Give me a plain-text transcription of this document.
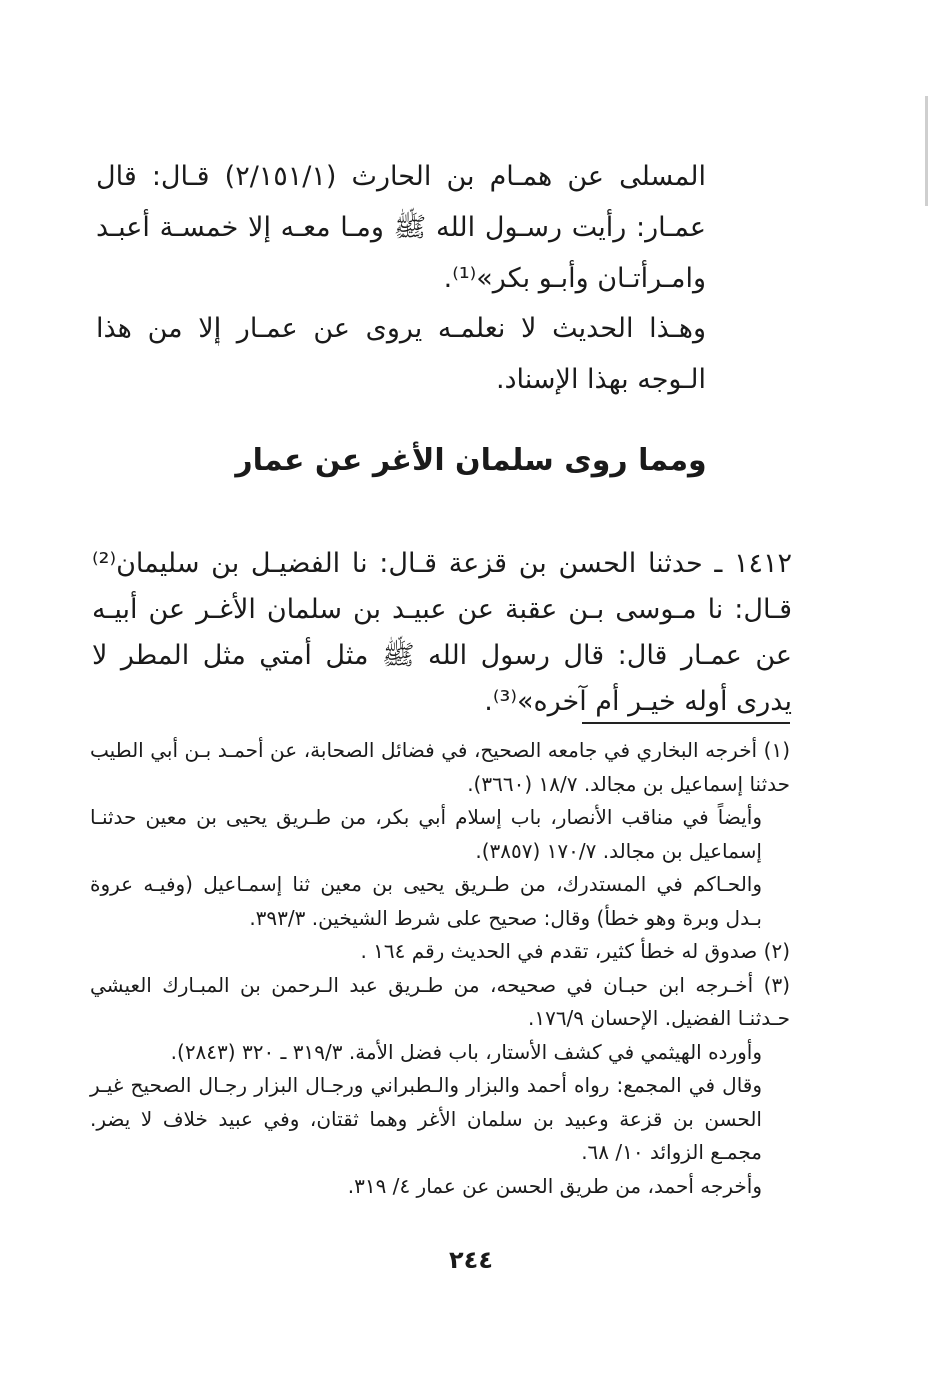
المسلى عن همـام بن الحارث (٢/١٥١/١) قـال: قال عمـار: رأيت رسـول الله ﷺ ومـا معـه إلا خمسـة أعبـد وامـرأتـان وأبـو بكر»⁽¹⁾.

وهـذا الحديث لا نعلمـه يروى عن عمـار إلا من هذا الـوجه بهذا الإسناد.

ومما روى سلمان الأغر عن عمار

١٤١٢ ـ حدثنا الحسن بن قزعة قـال: نا الفضيـل بن سليمان⁽²⁾ قـال: نا مـوسى بـن عقبة عن عبيـد بن سلمان الأغـر عن أبيـه عن عمـار قال: قال رسول الله ﷺ مثل أمتي مثل المطر لا يدرى أوله خيـر أم آخره»⁽³⁾.

(١) أخرجه البخاري في جامعه الصحيح، في فضائل الصحابة، عن أحمـد بـن أبي الطيب حدثنا إسماعيل بن مجالد. ١٨/٧ (٣٦٦٠).

وأيضاً في مناقب الأنصار، باب إسلام أبي بكر، من طـريق يحيى بن معين حدثنـا إسماعيل بن مجالد. ١٧٠/٧ (٣٨٥٧).

والحـاكم في المستدرك، من طـريق يحيى بن معين ثنا إسمـاعيل (وفيـه عروة بـدل وبرة وهو خطأ) وقال: صحيح على شرط الشيخين. ٣٩٣/٣.

(٢) صدوق له خطأ كثير، تقدم في الحديث رقم ١٦٤ .

(٣) أخـرجه ابن حبـان في صحيحه، من طـريق عبد الـرحمن بن المبـارك العيشي حـدثنـا الفضيل. الإحسان ١٧٦/٩.

وأورده الهيثمي في كشف الأستار، باب فضل الأمة. ٣١٩/٣ ـ ٣٢٠ (٢٨٤٣).

وقال في المجمع: رواه أحمد والبزار والـطبراني ورجـال البزار رجـال الصحيح غيـر الحسن بن قزعة وعبيد بن سلمان الأغر وهما ثقتان، وفي عبيد خلاف لا يضر. مجمـع الزوائد ١٠/ ٦٨.

وأخرجه أحمد، من طريق الحسن عن عمار ٤/ ٣١٩.

٢٤٤
